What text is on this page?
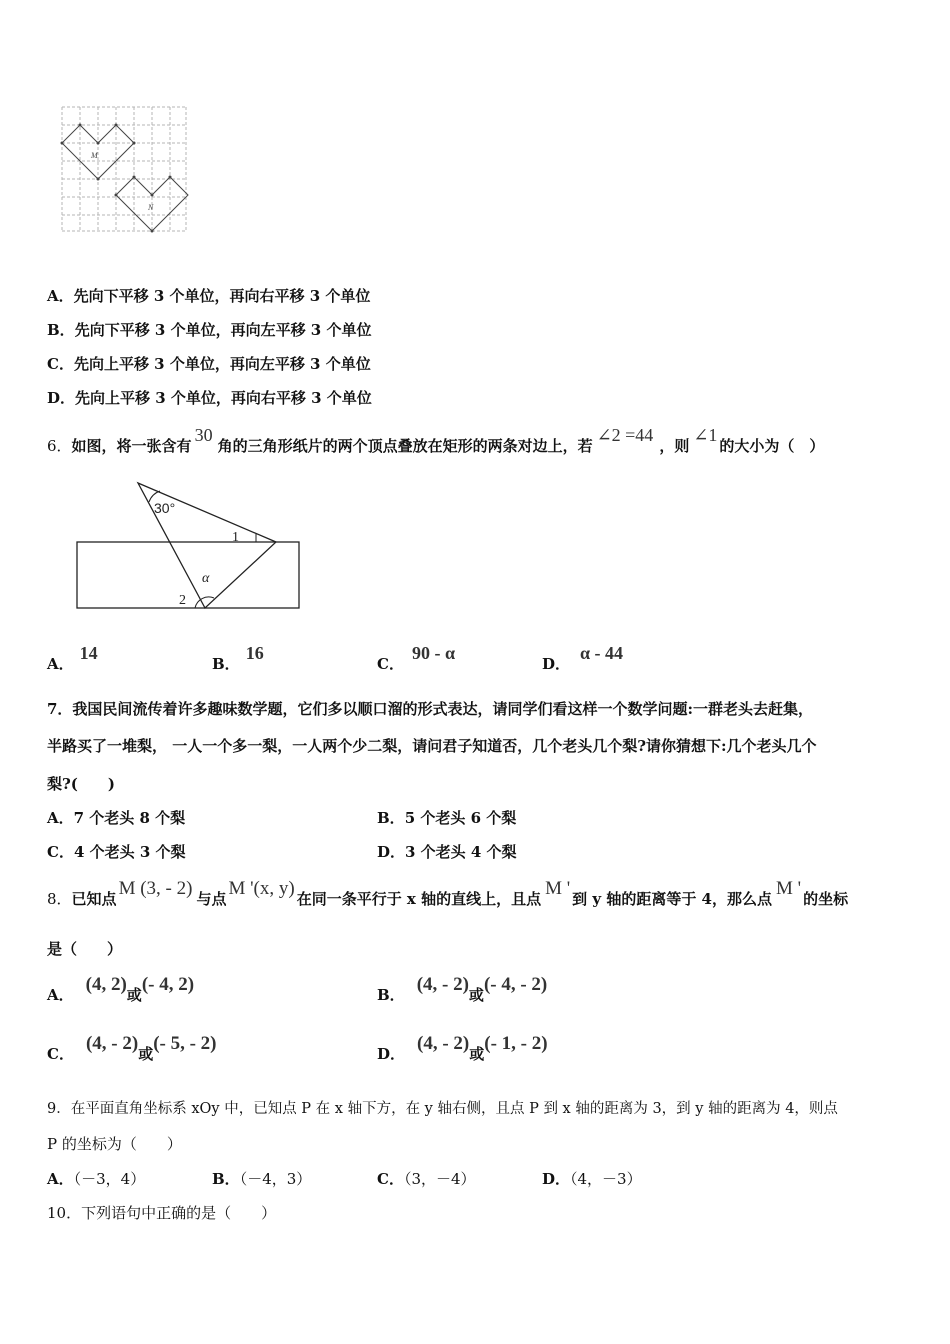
M
N
A．先向下平移 3 个单位，再向右平移 3 个单位
B．先向下平移 3 个单位，再向左平移 3 个单位
C．先向上平移 3 个单位，再向左平移 3 个单位
D．先向上平移 3 个单位，再向右平移 3 个单位
6．如图，将一张含有30角的三角形纸片的两个顶点叠放在矩形的两条对边上，若∠2 =44，则∠1的大小为（　）
30°
1
2
α
A．14
B．16
C．90 - α
D．α - 44
7．我国民间流传着许多趣味数学题，它们多以顺口溜的形式表达，请同学们看这样一个数学问题:一群老头去赶集，
半路买了一堆梨， 一人一个多一梨，一人两个少二梨，请问君子知道否，几个老头几个梨?请你猜想下:几个老头几个
梨?(　　)
A．7 个老头 8 个梨	B．5 个老头 6 个梨
C．4 个老头 3 个梨	D．3 个老头 4 个梨
8．已知点 M (3, - 2) 与点 M '(x, y) 在同一条平行于 x 轴的直线上，且点 M ' 到 y 轴的距离等于 4，那么点 M ' 的坐标
是（　　）
A． (4, 2)或(- 4, 2)	B． (4, - 2)或(- 4, - 2)
C． (4, - 2)或(- 5, - 2)	D． (4, - 2)或(- 1, - 2)
9．在平面直角坐标系 xOy 中，已知点 P 在 x 轴下方，在 y 轴右侧，且点 P 到 x 轴的距离为 3，到 y 轴的距离为 4，则点
P 的坐标为（　　）
A．（－3，4）	B．（－4，3）	C．（3，－4）	D．（4，－3）
10．下列语句中正确的是（　　）
